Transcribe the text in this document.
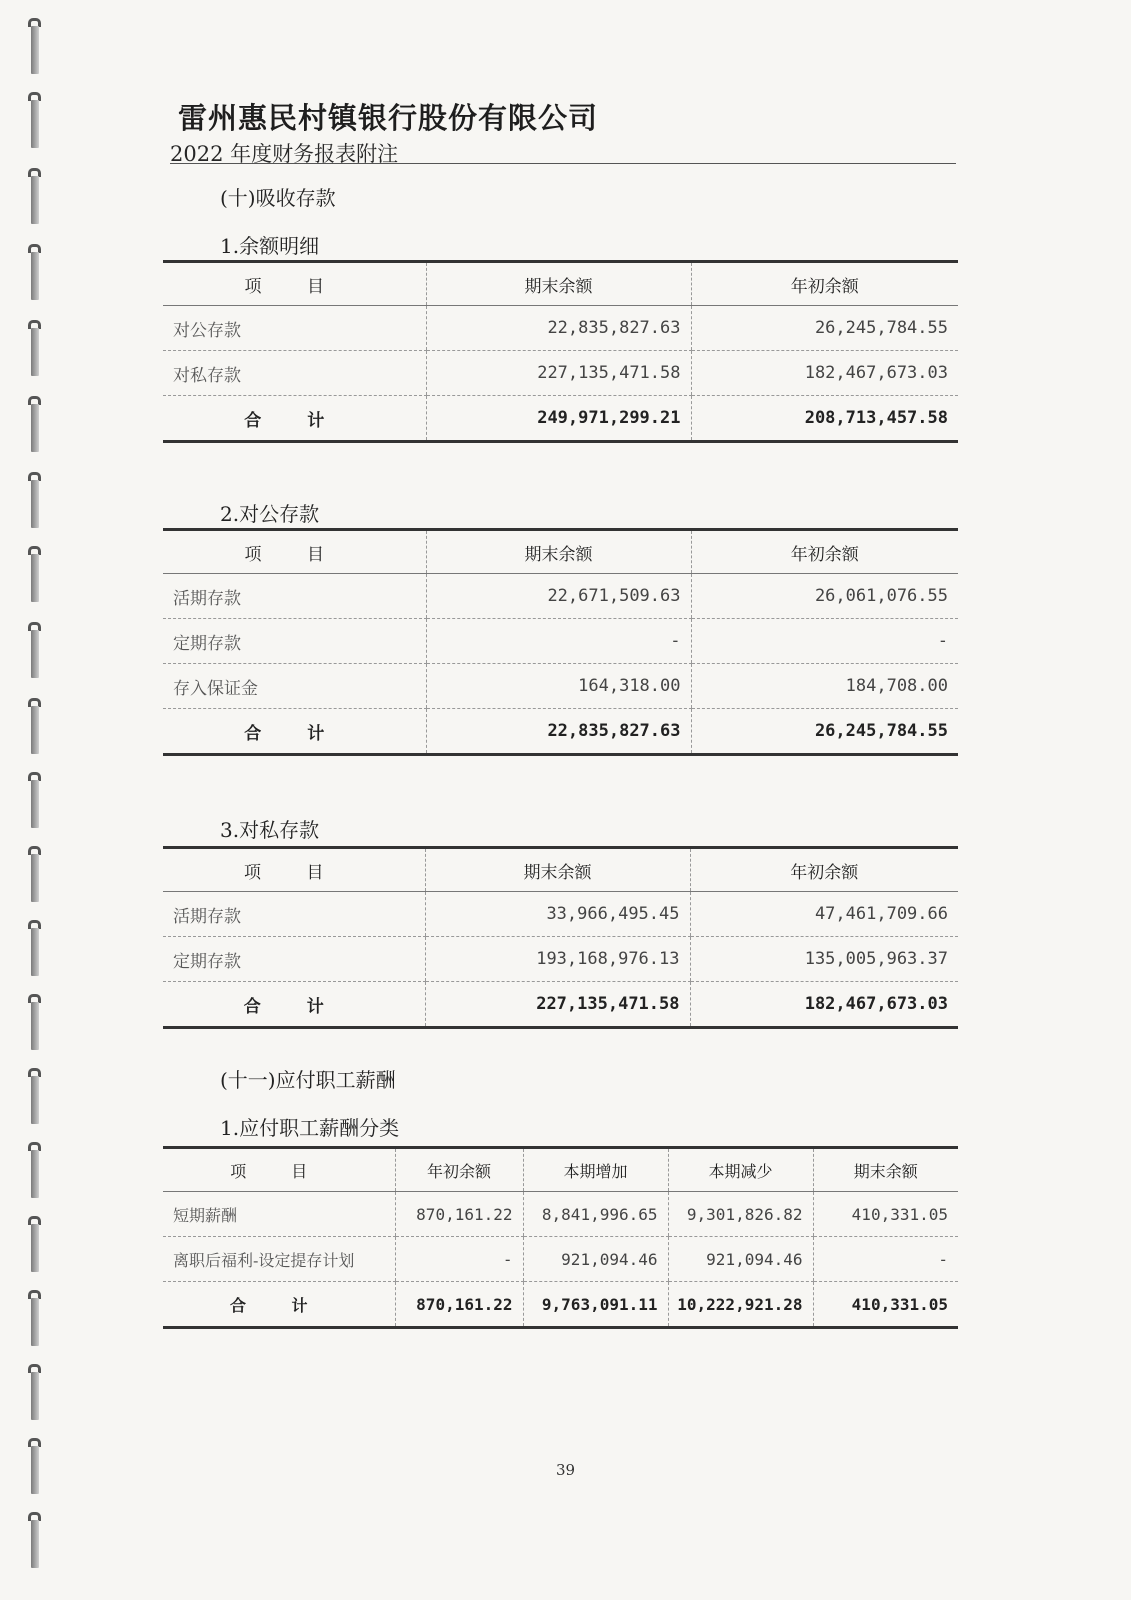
雷州惠民村镇银行股份有限公司
2022 年度财务报表附注
(十)吸收存款
1.余额明细
项 目	期末余额	年初余额
对公存款	22,835,827.63	26,245,784.55
对私存款	227,135,471.58	182,467,673.03
合 计	249,971,299.21	208,713,457.58
2.对公存款
项 目	期末余额	年初余额
活期存款	22,671,509.63	26,061,076.55
定期存款	-	-
存入保证金	164,318.00	184,708.00
合 计	22,835,827.63	26,245,784.55
3.对私存款
项 目	期末余额	年初余额
活期存款	33,966,495.45	47,461,709.66
定期存款	193,168,976.13	135,005,963.37
合 计	227,135,471.58	182,467,673.03
(十一)应付职工薪酬
1.应付职工薪酬分类
项 目	年初余额	本期增加	本期减少	期末余额
短期薪酬	870,161.22	8,841,996.65	9,301,826.82	410,331.05
离职后福利-设定提存计划	-	921,094.46	921,094.46	-
合 计	870,161.22	9,763,091.11	10,222,921.28	410,331.05
39
